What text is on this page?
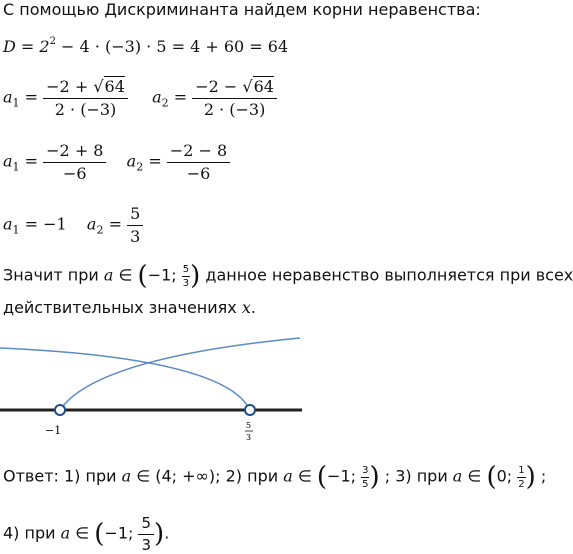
С помощью Дискриминанта найдем корни неравенства:
$D = 2^2 - 4 \cdot (-3) \cdot 5 = 4 + 60 = 64$
$a_1 = \frac{-2 + √64}{2 \cdot (-3)} a_2 = \frac{-2 - √64}{2 \cdot (-3)}$
$a_1 = \frac{-2 + 8}{-6} a_2 = \frac{-2 - 8}{-6}$
$a_1 = -1$ $a_2 = \frac{5}{3}$
Значит при a ∈ (−1; $\frac{5}{3}$ ) данное неравенство выполняется при всех
действительных значениях x.
−1	5
3
Ответ: 1) при a ∈ (4; +∞); 2) при a ∈ (−1; $\frac{3}{5}$ ) ; 3) при a ∈ (0; $\frac{1}{2}$ ) ;
4) при a ∈ (−1; $\frac{5}{3}$ ).
